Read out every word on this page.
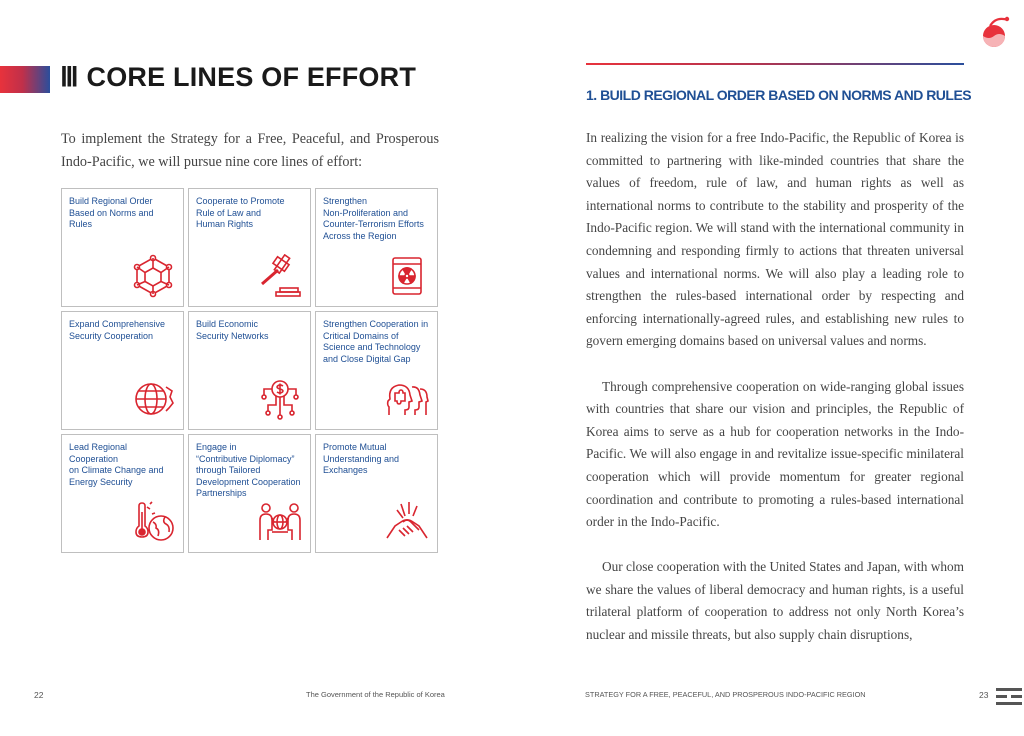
Ⅲ CORE LINES OF EFFORT
To implement the Strategy for a Free, Peaceful, and Prosperous Indo-Pacific, we will pursue nine core lines of effort:
Build Regional Order
Based on Norms and Rules
Cooperate to Promote
Rule of Law and
Human Rights
Strengthen
Non-Proliferation and
Counter-Terrorism Efforts
Across the Region
Expand Comprehensive
Security Cooperation
Build Economic
Security Networks
Strengthen Cooperation in
Critical Domains of
Science and Technology
and Close Digital Gap
Lead Regional Cooperation
on Climate Change and
Energy Security
Engage in
“Contributive Diplomacy”
through Tailored
Development Cooperation
Partnerships
Promote Mutual
Understanding and
Exchanges
22	The Government of the Republic of Korea
1. BUILD REGIONAL ORDER BASED ON NORMS AND RULES

In realizing the vision for a free Indo-Pacific, the Republic of Korea is committed to partnering with like-minded countries that share the values of freedom, rule of law, and human rights as well as international norms to contribute to the stability and prosperity of the Indo-Pacific region. We will stand with the international community in condemning and responding firmly to actions that threaten universal values and international norms. We will also play a leading role to strengthen the rules-based international order by respecting and enforcing internationally-agreed rules, and establishing new rules to govern emerging domains based on universal values and norms.

Through comprehensive cooperation on wide-ranging global issues with countries that share our vision and principles, the Republic of Korea aims to serve as a hub for cooperation networks in the Indo-Pacific. We will also engage in and revitalize issue-specific minilateral cooperation which will provide momentum for greater regional coordination and contribute to promoting a rules-based international order in the Indo-Pacific.

Our close cooperation with the United States and Japan, with whom we share the values of liberal democracy and human rights, is a useful trilateral platform of cooperation to address not only North Korea’s nuclear and missile threats, but also supply chain disruptions,

STRATEGY FOR A FREE, PEACEFUL, AND PROSPEROUS INDO-PACIFIC REGION	23
